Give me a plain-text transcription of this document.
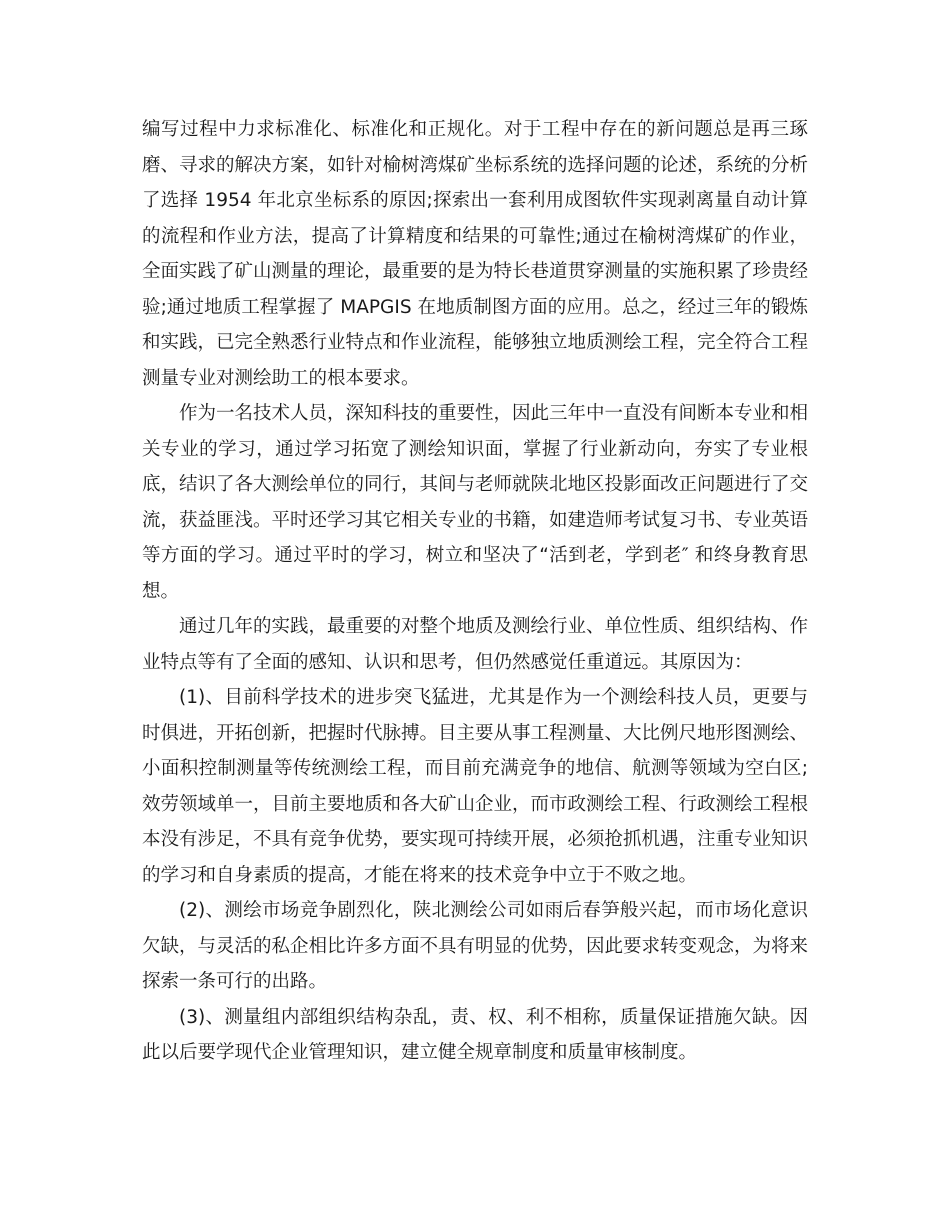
编写过程中力求标准化、标准化和正规化。对于工程中存在的新问题总是再三琢磨、寻求的解决方案，如针对榆树湾煤矿坐标系统的选择问题的论述，系统的分析了选择 1954 年北京坐标系的原因;探索出一套利用成图软件实现剥离量自动计算的流程和作业方法，提高了计算精度和结果的可靠性;通过在榆树湾煤矿的作业，全面实践了矿山测量的理论，最重要的是为特长巷道贯穿测量的实施积累了珍贵经验;通过地质工程掌握了 MAPGIS 在地质制图方面的应用。总之，经过三年的锻炼和实践，已完全熟悉行业特点和作业流程，能够独立地质测绘工程，完全符合工程测量专业对测绘助工的根本要求。

作为一名技术人员，深知科技的重要性，因此三年中一直没有间断本专业和相关专业的学习，通过学习拓宽了测绘知识面，掌握了行业新动向，夯实了专业根底，结识了各大测绘单位的同行，其间与老师就陕北地区投影面改正问题进行了交流，获益匪浅。平时还学习其它相关专业的书籍，如建造师考试复习书、专业英语等方面的学习。通过平时的学习，树立和坚决了“活到老，学到老″ 和终身教育思想。

通过几年的实践，最重要的对整个地质及测绘行业、单位性质、组织结构、作业特点等有了全面的感知、认识和思考，但仍然感觉任重道远。其原因为：

(1)、目前科学技术的进步突飞猛进，尤其是作为一个测绘科技人员，更要与时俱进，开拓创新，把握时代脉搏。目主要从事工程测量、大比例尺地形图测绘、小面积控制测量等传统测绘工程，而目前充满竞争的地信、航测等领域为空白区;效劳领域单一，目前主要地质和各大矿山企业，而市政测绘工程、行政测绘工程根本没有涉足，不具有竞争优势，要实现可持续开展，必须抢抓机遇，注重专业知识的学习和自身素质的提高，才能在将来的技术竞争中立于不败之地。

(2)、测绘市场竞争剧烈化，陕北测绘公司如雨后春笋般兴起，而市场化意识欠缺，与灵活的私企相比许多方面不具有明显的优势，因此要求转变观念，为将来探索一条可行的出路。

(3)、测量组内部组织结构杂乱，责、权、利不相称，质量保证措施欠缺。因此以后要学现代企业管理知识，建立健全规章制度和质量审核制度。
